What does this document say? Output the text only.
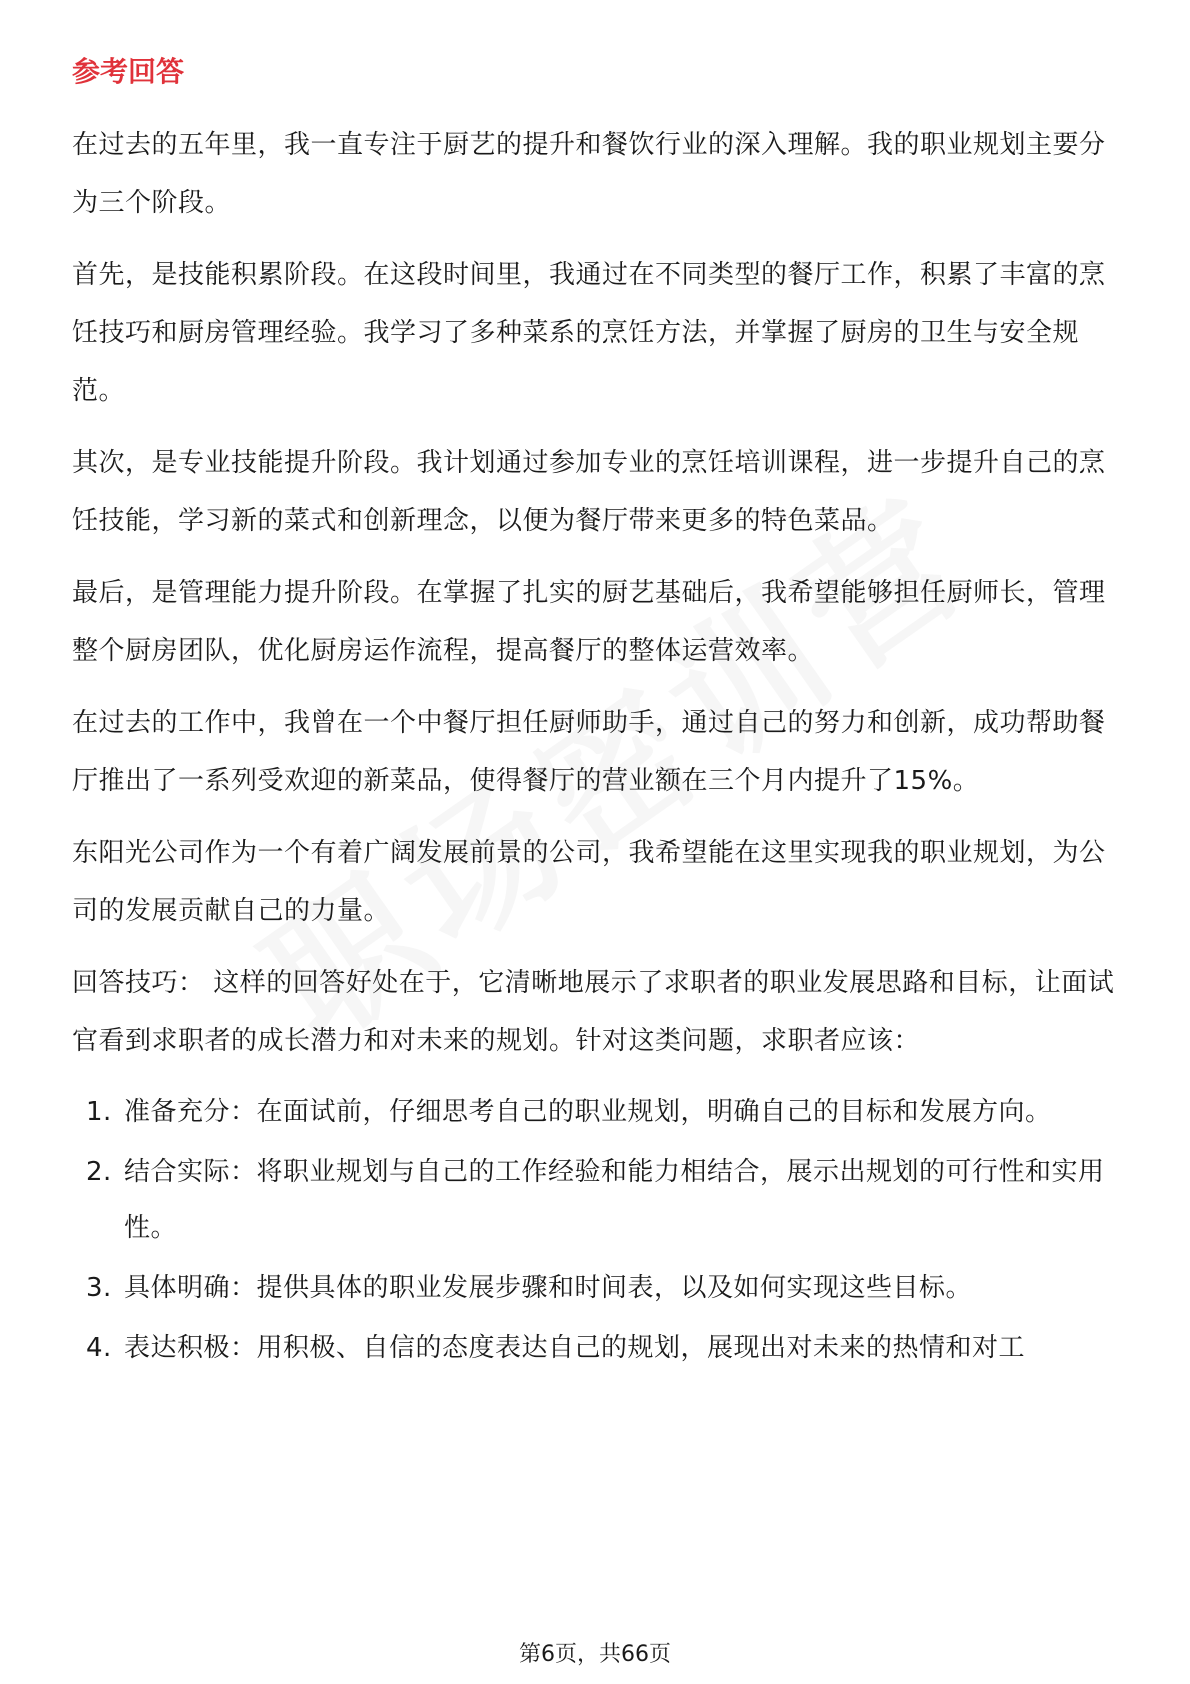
参考回答

在过去的五年里，我一直专注于厨艺的提升和餐饮行业的深入理解。我的职业规划主要分为三个阶段。

首先，是技能积累阶段。在这段时间里，我通过在不同类型的餐厅工作，积累了丰富的烹饪技巧和厨房管理经验。我学习了多种菜系的烹饪方法，并掌握了厨房的卫生与安全规范。

其次，是专业技能提升阶段。我计划通过参加专业的烹饪培训课程，进一步提升自己的烹饪技能，学习新的菜式和创新理念，以便为餐厅带来更多的特色菜品。

最后，是管理能力提升阶段。在掌握了扎实的厨艺基础后，我希望能够担任厨师长，管理整个厨房团队，优化厨房运作流程，提高餐厅的整体运营效率。

在过去的工作中，我曾在一个中餐厅担任厨师助手，通过自己的努力和创新，成功帮助餐厅推出了一系列受欢迎的新菜品，使得餐厅的营业额在三个月内提升了15%。

东阳光公司作为一个有着广阔发展前景的公司，我希望能在这里实现我的职业规划，为公司的发展贡献自己的力量。

回答技巧： 这样的回答好处在于，它清晰地展示了求职者的职业发展思路和目标，让面试官看到求职者的成长潜力和对未来的规划。针对这类问题，求职者应该：

1. 准备充分：在面试前，仔细思考自己的职业规划，明确自己的目标和发展方向。
2. 结合实际：将职业规划与自己的工作经验和能力相结合，展示出规划的可行性和实用性。
3. 具体明确：提供具体的职业发展步骤和时间表，以及如何实现这些目标。
4. 表达积极：用积极、自信的态度表达自己的规划，展现出对未来的热情和对工
第6页，共66页
